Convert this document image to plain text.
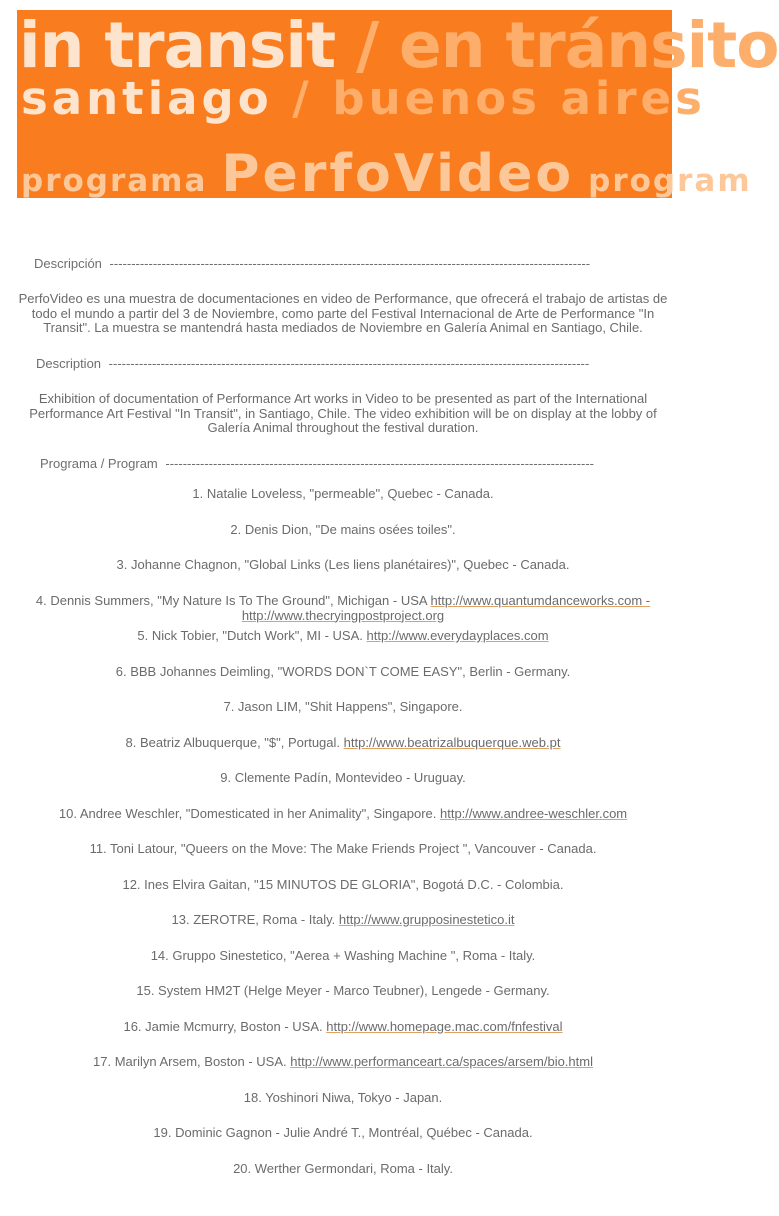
in transit / en tránsito
santiago / buenos aires
programa PerfoVideo program
Descripción ---------------------------------------------------------------------------------------------------------------
PerfoVideo es una muestra de documentaciones en video de Performance, que ofrecerá el trabajo de artistas de todo el mundo a partir del 3 de Noviembre, como parte del Festival Internacional de Arte de Performance "In Transit". La muestra se mantendrá hasta mediados de Noviembre en Galería Animal en Santiago, Chile.
Description ---------------------------------------------------------------------------------------------------------------
Exhibition of documentation of Performance Art works in Video to be presented as part of the International Performance Art Festival "In Transit", in Santiago, Chile. The video exhibition will be on display at the lobby of Galería Animal throughout the festival duration.
Programa / Program ---------------------------------------------------------------------------------------------------
1. Natalie Loveless, "permeable", Quebec - Canada.
2. Denis Dion, "De mains osées toiles".
3. Johanne Chagnon, "Global Links (Les liens planétaires)", Quebec - Canada.
4. Dennis Summers, "My Nature Is To The Ground", Michigan - USA http://www.quantumdanceworks.com - http://www.thecryingpostproject.org
5. Nick Tobier, "Dutch Work", MI - USA. http://www.everydayplaces.com
6. BBB Johannes Deimling, "WORDS DON`T COME EASY", Berlin - Germany.
7. Jason LIM, "Shit Happens", Singapore.
8. Beatriz Albuquerque, "$", Portugal. http://www.beatrizalbuquerque.web.pt
9. Clemente Padín, Montevideo - Uruguay.
10. Andree Weschler, "Domesticated in her Animality", Singapore. http://www.andree-weschler.com
11. Toni Latour, "Queers on the Move: The Make Friends Project ", Vancouver - Canada.
12. Ines Elvira Gaitan, "15 MINUTOS DE GLORIA", Bogotá D.C. - Colombia.
13. ZEROTRE, Roma - Italy. http://www.grupposinestetico.it
14. Gruppo Sinestetico, "Aerea + Washing Machine ", Roma - Italy.
15. System HM2T (Helge Meyer - Marco Teubner), Lengede - Germany.
16. Jamie Mcmurry, Boston - USA. http://www.homepage.mac.com/fnfestival
17. Marilyn Arsem, Boston - USA. http://www.performanceart.ca/spaces/arsem/bio.html
18. Yoshinori Niwa, Tokyo - Japan.
19. Dominic Gagnon - Julie André T., Montréal, Québec - Canada.
20. Werther Germondari, Roma - Italy.
